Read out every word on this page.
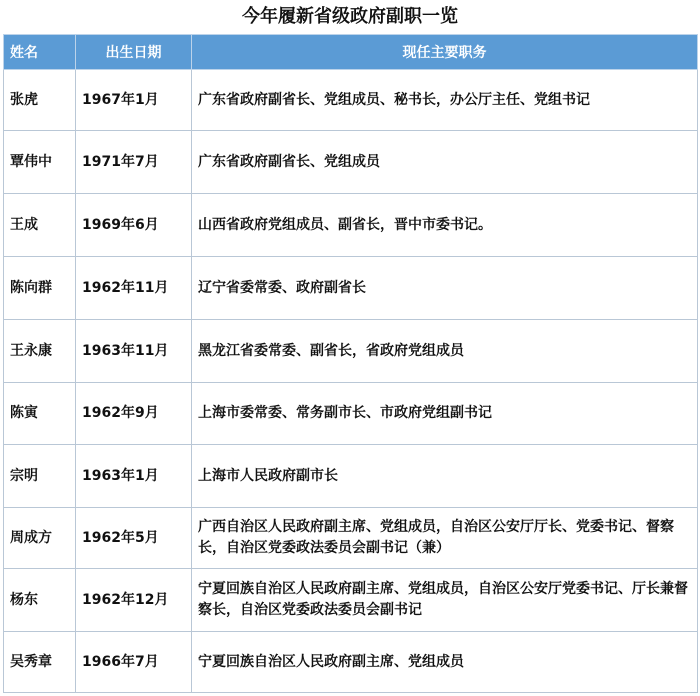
今年履新省级政府副职一览
姓名	出生日期	现任主要职务
张虎	1967年1月	广东省政府副省长、党组成员、秘书长，办公厅主任、党组书记
覃伟中	1971年7月	广东省政府副省长、党组成员
王成	1969年6月	山西省政府党组成员、副省长，晋中市委书记。
陈向群	1962年11月	辽宁省委常委、政府副省长
王永康	1963年11月	黑龙江省委常委、副省长，省政府党组成员
陈寅	1962年9月	上海市委常委、常务副市长、市政府党组副书记
宗明	1963年1月	上海市人民政府副市长
周成方	1962年5月	广西自治区人民政府副主席、党组成员，自治区公安厅厅长、党委书记、督察长，自治区党委政法委员会副书记（兼）
杨东	1962年12月	宁夏回族自治区人民政府副主席、党组成员，自治区公安厅党委书记、厅长兼督察长，自治区党委政法委员会副书记
吴秀章	1966年7月	宁夏回族自治区人民政府副主席、党组成员
